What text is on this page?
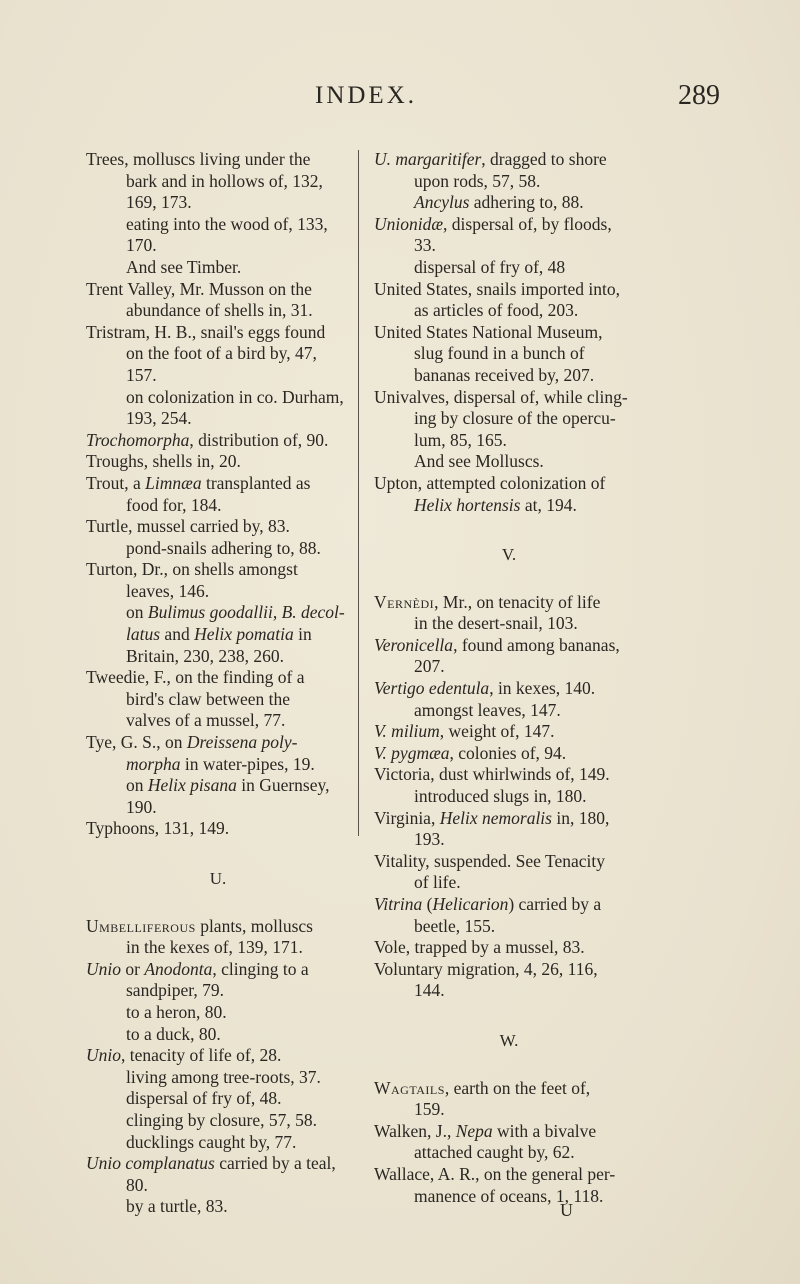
INDEX.	289
Trees, molluscs living under the
bark and in hollows of, 132,
169, 173.
eating into the wood of, 133,
170.
And see Timber.
Trent Valley, Mr. Musson on the
abundance of shells in, 31.
Tristram, H. B., snail's eggs found
on the foot of a bird by, 47,
157.
on colonization in co. Durham,
193, 254.
Trochomorpha, distribution of, 90.
Troughs, shells in, 20.
Trout, a Limnæa transplanted as
food for, 184.
Turtle, mussel carried by, 83.
pond-snails adhering to, 88.
Turton, Dr., on shells amongst
leaves, 146.
on Bulimus goodallii, B. decol-
latus and Helix pomatia in
Britain, 230, 238, 260.
Tweedie, F., on the finding of a
bird's claw between the
valves of a mussel, 77.
Tye, G. S., on Dreissena poly-
morpha in water-pipes, 19.
on Helix pisana in Guernsey,
190.
Typhoons, 131, 149.
U.
Umbelliferous plants, molluscs
in the kexes of, 139, 171.
Unio or Anodonta, clinging to a
sandpiper, 79.
to a heron, 80.
to a duck, 80.
Unio, tenacity of life of, 28.
living among tree-roots, 37.
dispersal of fry of, 48.
clinging by closure, 57, 58.
ducklings caught by, 77.
Unio complanatus carried by a teal,
80.
by a turtle, 83.
U. margaritifer, dragged to shore
upon rods, 57, 58.
Ancylus adhering to, 88.
Unionidæ, dispersal of, by floods,
33.
dispersal of fry of, 48
United States, snails imported into,
as articles of food, 203.
United States National Museum,
slug found in a bunch of
bananas received by, 207.
Univalves, dispersal of, while cling-
ing by closure of the opercu-
lum, 85, 165.
And see Molluscs.
Upton, attempted colonization of
Helix hortensis at, 194.
V.
Vernèdi, Mr., on tenacity of life
in the desert-snail, 103.
Veronicella, found among bananas,
207.
Vertigo edentula, in kexes, 140.
amongst leaves, 147.
V. milium, weight of, 147.
V. pygmæa, colonies of, 94.
Victoria, dust whirlwinds of, 149.
introduced slugs in, 180.
Virginia, Helix nemoralis in, 180,
193.
Vitality, suspended. See Tenacity
of life.
Vitrina (Helicarion) carried by a
beetle, 155.
Vole, trapped by a mussel, 83.
Voluntary migration, 4, 26, 116,
144.
W.
Wagtails, earth on the feet of,
159.
Walken, J., Nepa with a bivalve
attached caught by, 62.
Wallace, A. R., on the general per-
manence of oceans, 1, 118.
U
